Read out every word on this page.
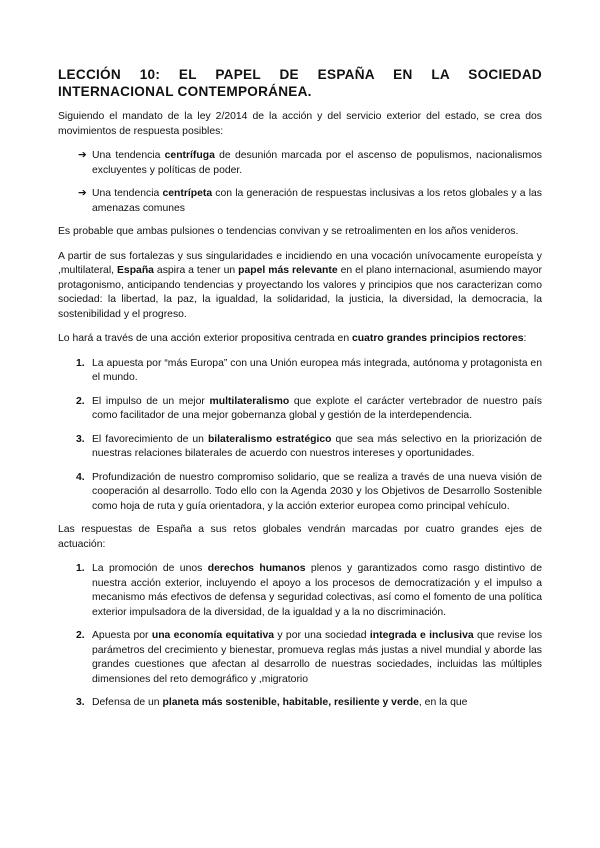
LECCIÓN 10: EL PAPEL DE ESPAÑA EN LA SOCIEDAD INTERNACIONAL CONTEMPORÁNEA.

Siguiendo el mandato de la ley 2/2014 de la acción y del servicio exterior del estado, se crea dos movimientos de respuesta posibles:

➔ Una tendencia centrífuga de desunión marcada por el ascenso de populismos, nacionalismos excluyentes y políticas de poder.
➔ Una tendencia centrípeta con la generación de respuestas inclusivas a los retos globales y a las amenazas comunes

Es probable que ambas pulsiones o tendencias convivan y se retroalimenten en los años venideros.

A partir de sus fortalezas y sus singularidades e incidiendo en una vocación unívocamente europeísta y ,multilateral, España aspira a tener un papel más relevante en el plano internacional, asumiendo mayor protagonismo, anticipando tendencias y proyectando los valores y principios que nos caracterizan como sociedad: la libertad, la paz, la igualdad, la solidaridad, la justicia, la diversidad, la democracia, la sostenibilidad y el progreso.

Lo hará a través de una acción exterior propositiva centrada en cuatro grandes principios rectores:

1. La apuesta por “más Europa” con una Unión europea más integrada, autónoma y protagonista en el mundo.
2. El impulso de un mejor multilateralismo que explote el carácter vertebrador de nuestro país como facilitador de una mejor gobernanza global y gestión de la interdependencia.
3. El favorecimiento de un bilateralismo estratégico que sea más selectivo en la priorización de nuestras relaciones bilaterales de acuerdo con nuestros intereses y oportunidades.
4. Profundización de nuestro compromiso solidario, que se realiza a través de una nueva visión de cooperación al desarrollo. Todo ello con la Agenda 2030 y los Objetivos de Desarrollo Sostenible como hoja de ruta y guía orientadora, y la acción exterior europea como principal vehículo.

Las respuestas de España a sus retos globales vendrán marcadas por cuatro grandes ejes de actuación:

1. La promoción de unos derechos humanos plenos y garantizados como rasgo distintivo de nuestra acción exterior, incluyendo el apoyo a los procesos de democratización y el impulso a mecanismo más efectivos de defensa y seguridad colectivas, así como el fomento de una política exterior impulsadora de la diversidad, de la igualdad y a la no discriminación.
2. Apuesta por una economía equitativa y por una sociedad integrada e inclusiva que revise los parámetros del crecimiento y bienestar, promueva reglas más justas a nivel mundial y aborde las grandes cuestiones que afectan al desarrollo de nuestras sociedades, incluidas las múltiples dimensiones del reto demográfico y ,migratorio
3. Defensa de un planeta más sostenible, habitable, resiliente y verde, en la que
